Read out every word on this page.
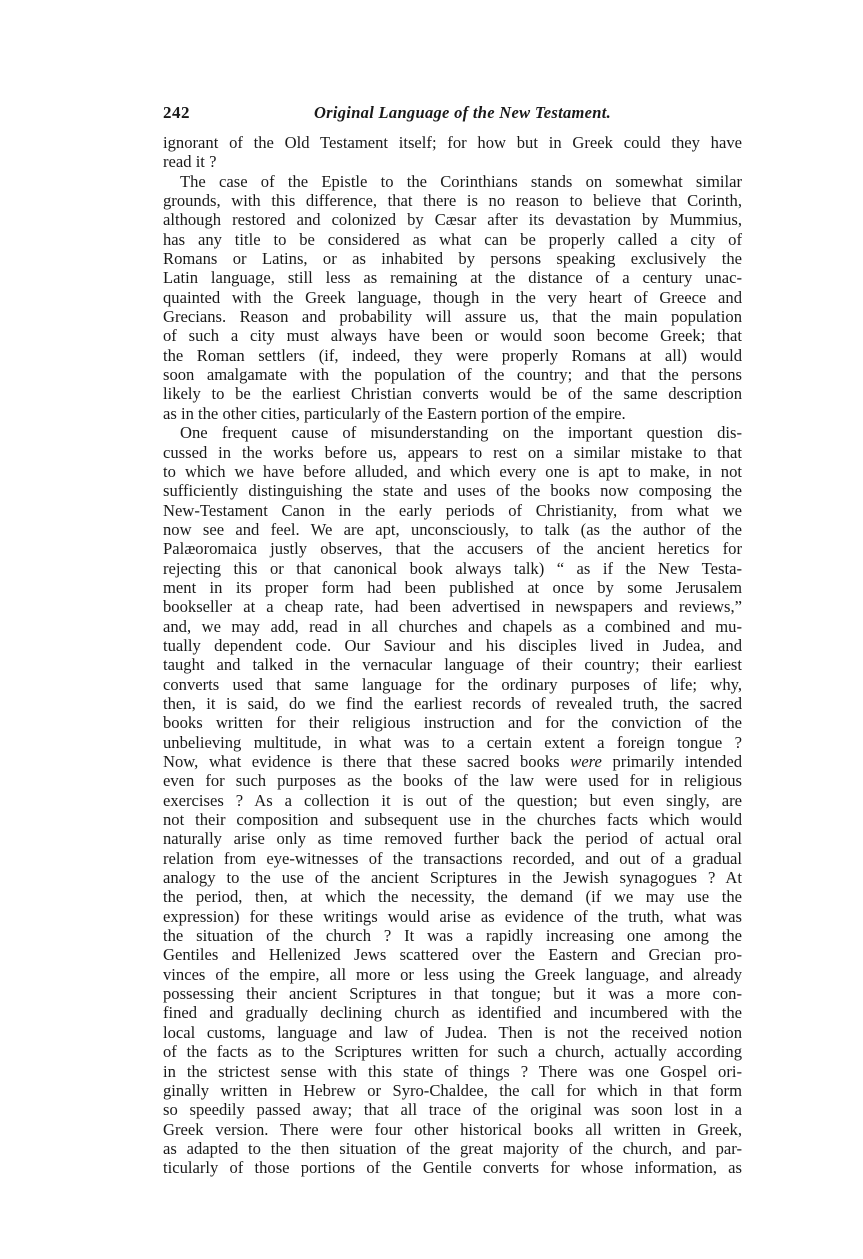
242	Original Language of the New Testament.
ignorant of the Old Testament itself; for how but in Greek could they have
read it ?
The case of the Epistle to the Corinthians stands on somewhat similar
grounds, with this difference, that there is no reason to believe that Corinth,
although restored and colonized by Cæsar after its devastation by Mummius,
has any title to be considered as what can be properly called a city of
Romans or Latins, or as inhabited by persons speaking exclusively the
Latin language, still less as remaining at the distance of a century unac-
quainted with the Greek language, though in the very heart of Greece and
Grecians. Reason and probability will assure us, that the main population
of such a city must always have been or would soon become Greek; that
the Roman settlers (if, indeed, they were properly Romans at all) would
soon amalgamate with the population of the country; and that the persons
likely to be the earliest Christian converts would be of the same description
as in the other cities, particularly of the Eastern portion of the empire.
One frequent cause of misunderstanding on the important question dis-
cussed in the works before us, appears to rest on a similar mistake to that
to which we have before alluded, and which every one is apt to make, in not
sufficiently distinguishing the state and uses of the books now composing the
New-Testament Canon in the early periods of Christianity, from what we
now see and feel. We are apt, unconsciously, to talk (as the author of the
Palæoromaica justly observes, that the accusers of the ancient heretics for
rejecting this or that canonical book always talk) “ as if the New Testa-
ment in its proper form had been published at once by some Jerusalem
bookseller at a cheap rate, had been advertised in newspapers and reviews,”
and, we may add, read in all churches and chapels as a combined and mu-
tually dependent code. Our Saviour and his disciples lived in Judea, and
taught and talked in the vernacular language of their country; their earliest
converts used that same language for the ordinary purposes of life; why,
then, it is said, do we find the earliest records of revealed truth, the sacred
books written for their religious instruction and for the conviction of the
unbelieving multitude, in what was to a certain extent a foreign tongue ?
Now, what evidence is there that these sacred books were primarily intended
even for such purposes as the books of the law were used for in religious
exercises ? As a collection it is out of the question; but even singly, are
not their composition and subsequent use in the churches facts which would
naturally arise only as time removed further back the period of actual oral
relation from eye-witnesses of the transactions recorded, and out of a gradual
analogy to the use of the ancient Scriptures in the Jewish synagogues ? At
the period, then, at which the necessity, the demand (if we may use the
expression) for these writings would arise as evidence of the truth, what was
the situation of the church ? It was a rapidly increasing one among the
Gentiles and Hellenized Jews scattered over the Eastern and Grecian pro-
vinces of the empire, all more or less using the Greek language, and already
possessing their ancient Scriptures in that tongue; but it was a more con-
fined and gradually declining church as identified and incumbered with the
local customs, language and law of Judea. Then is not the received notion
of the facts as to the Scriptures written for such a church, actually according
in the strictest sense with this state of things ? There was one Gospel ori-
ginally written in Hebrew or Syro-Chaldee, the call for which in that form
so speedily passed away; that all trace of the original was soon lost in a
Greek version. There were four other historical books all written in Greek,
as adapted to the then situation of the great majority of the church, and par-
ticularly of those portions of the Gentile converts for whose information, as
